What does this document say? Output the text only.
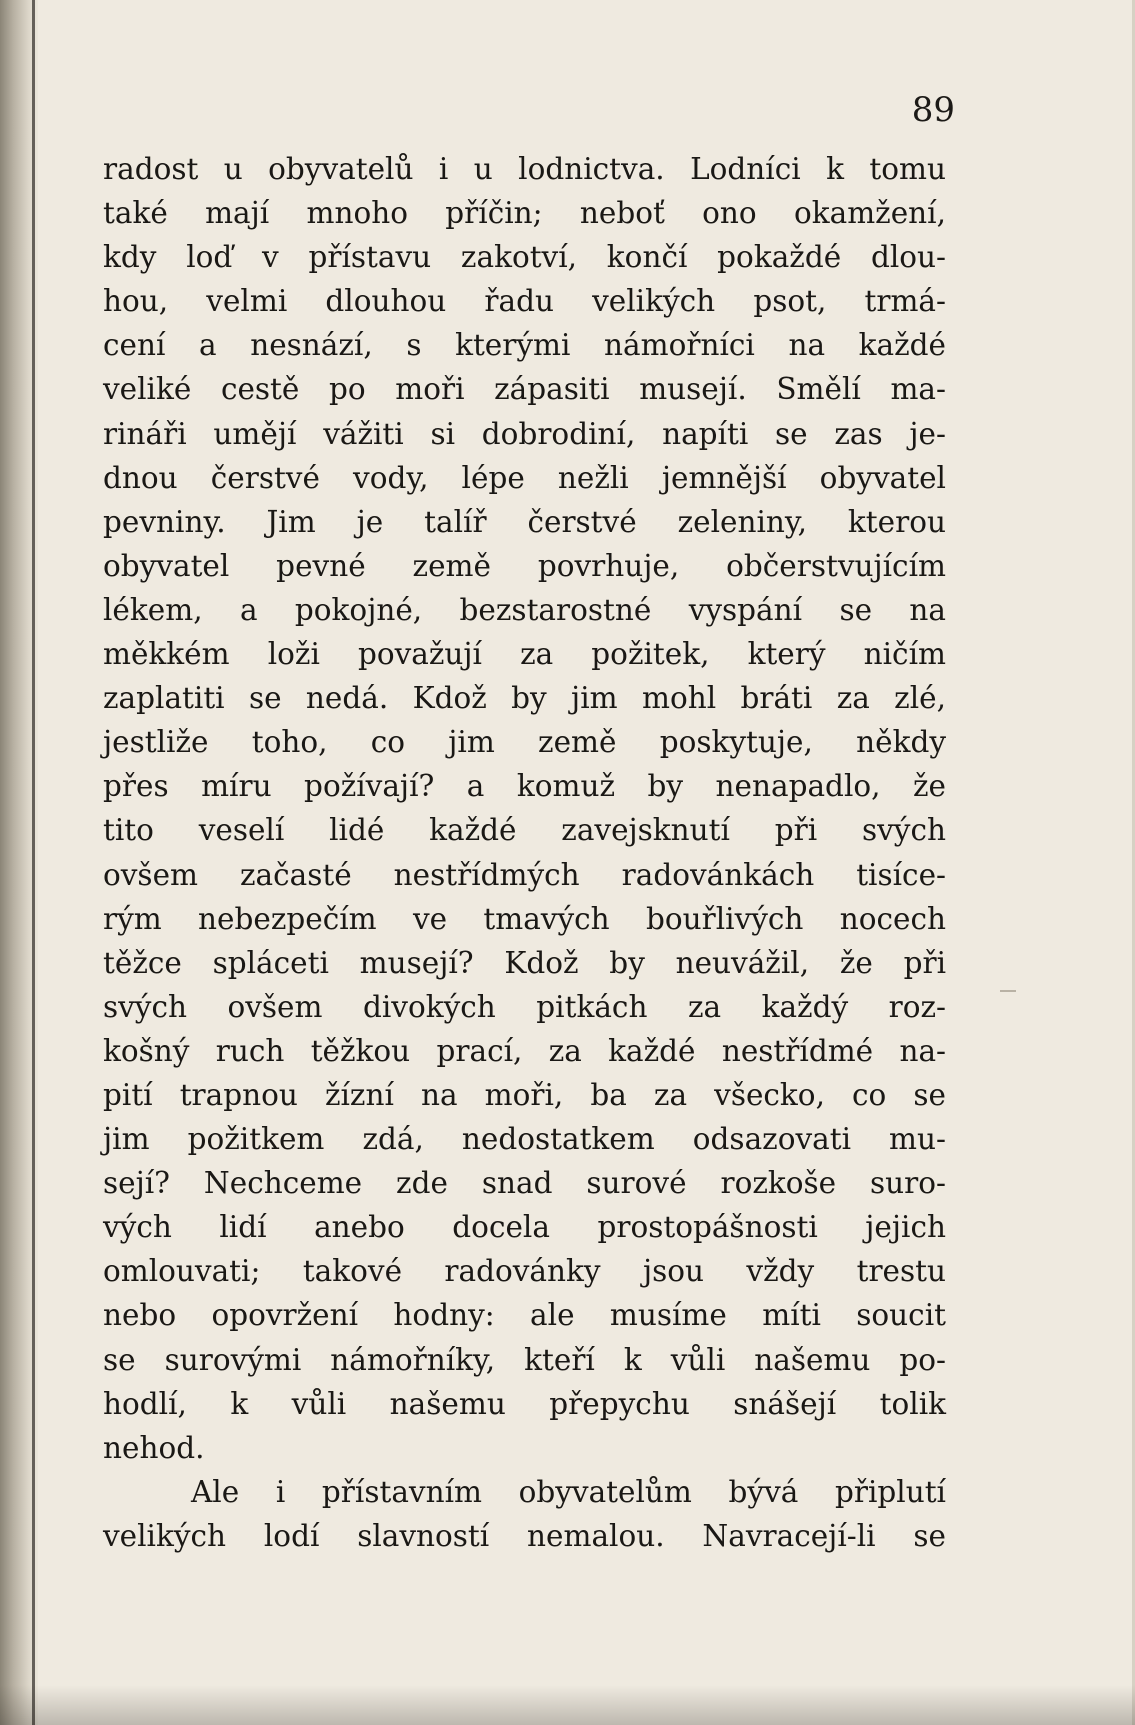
89
radost u obyvatelů i u lodnictva. Lodníci k tomu
také mají mnoho příčin; neboť ono okamžení,
kdy loď v přístavu zakotví, končí pokaždé dlou-
hou, velmi dlouhou řadu velikých psot, trmá-
cení a nesnází, s kterými námořníci na každé
veliké cestě po moři zápasiti musejí. Smělí ma-
rináři umějí vážiti si dobrodiní, napíti se zas je-
dnou čerstvé vody, lépe nežli jemnější obyvatel
pevniny. Jim je talíř čerstvé zeleniny, kterou
obyvatel pevné země povrhuje, občerstvujícím
lékem, a pokojné, bezstarostné vyspání se na
měkkém loži považují za požitek, který ničím
zaplatiti se nedá. Kdož by jim mohl bráti za zlé,
jestliže toho, co jim země poskytuje, někdy
přes míru požívají? a komuž by nenapadlo, že
tito veselí lidé každé zavejsknutí při svých
ovšem začasté nestřídmých radovánkách tisíce-
rým nebezpečím ve tmavých bouřlivých nocech
těžce spláceti musejí? Kdož by neuvážil, že při
svých ovšem divokých pitkách za každý roz-
košný ruch těžkou prací, za každé nestřídmé na-
pití trapnou žízní na moři, ba za všecko, co se
jim požitkem zdá, nedostatkem odsazovati mu-
sejí? Nechceme zde snad surové rozkoše suro-
vých lidí anebo docela prostopášnosti jejich
omlouvati; takové radovánky jsou vždy trestu
nebo opovržení hodny: ale musíme míti soucit
se surovými námořníky, kteří k vůli našemu po-
hodlí, k vůli našemu přepychu snášejí tolik
nehod.
Ale i přístavním obyvatelům bývá připlutí
velikých lodí slavností nemalou. Navracejí-li se
